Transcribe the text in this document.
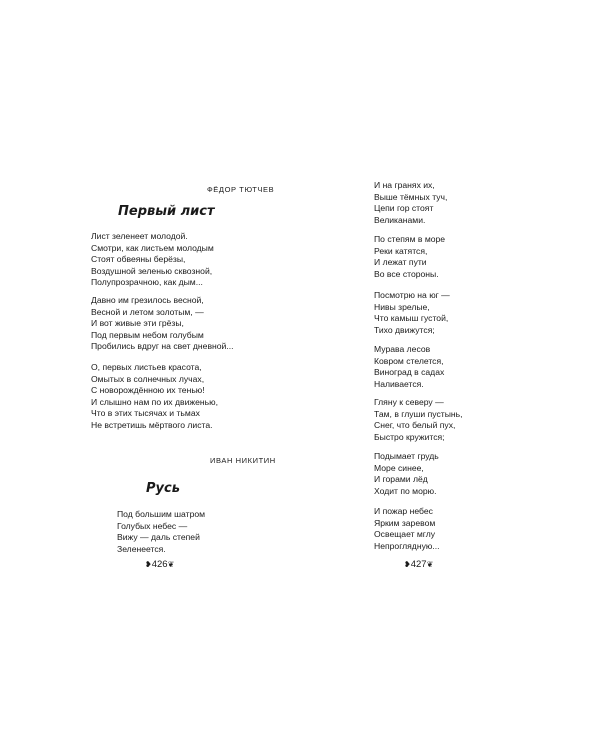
ФЁДОР ТЮТЧЕВ
Первый лист
Лист зеленеет молодой.
Смотри, как листьем молодым
Стоят обвеяны берёзы,
Воздушной зеленью сквозной,
Полупрозрачною, как дым...
Давно им грезилось весной,
Весной и летом золотым, —
И вот живые эти грёзы,
Под первым небом голубым
Пробились вдруг на свет дневной...
О, первых листьев красота,
Омытых в солнечных лучах,
С новорождённою их тенью!
И слышно нам по их движенью,
Что в этих тысячах и тьмах
Не встретишь мёртвого листа.
ИВАН НИКИТИН
Русь
Под большим шатром
Голубых небес —
Вижу — даль степей
Зеленеется.
❥ 426 ❦
И на гранях их,
Выше тёмных туч,
Цепи гор стоят
Великанами.
По степям в море
Реки катятся,
И лежат пути
Во все стороны.
Посмотрю на юг —
Нивы зрелые,
Что камыш густой,
Тихо движутся;
Мурава лесов
Ковром стелется,
Виноград в садах
Наливается.
Гляну к северу —
Там, в глуши пустынь,
Снег, что белый пух,
Быстро кружится;
Подымает грудь
Море синее,
И горами лёд
Ходит по морю.
И пожар небес
Ярким заревом
Освещает мглу
Непроглядную...
❥ 427 ❦
